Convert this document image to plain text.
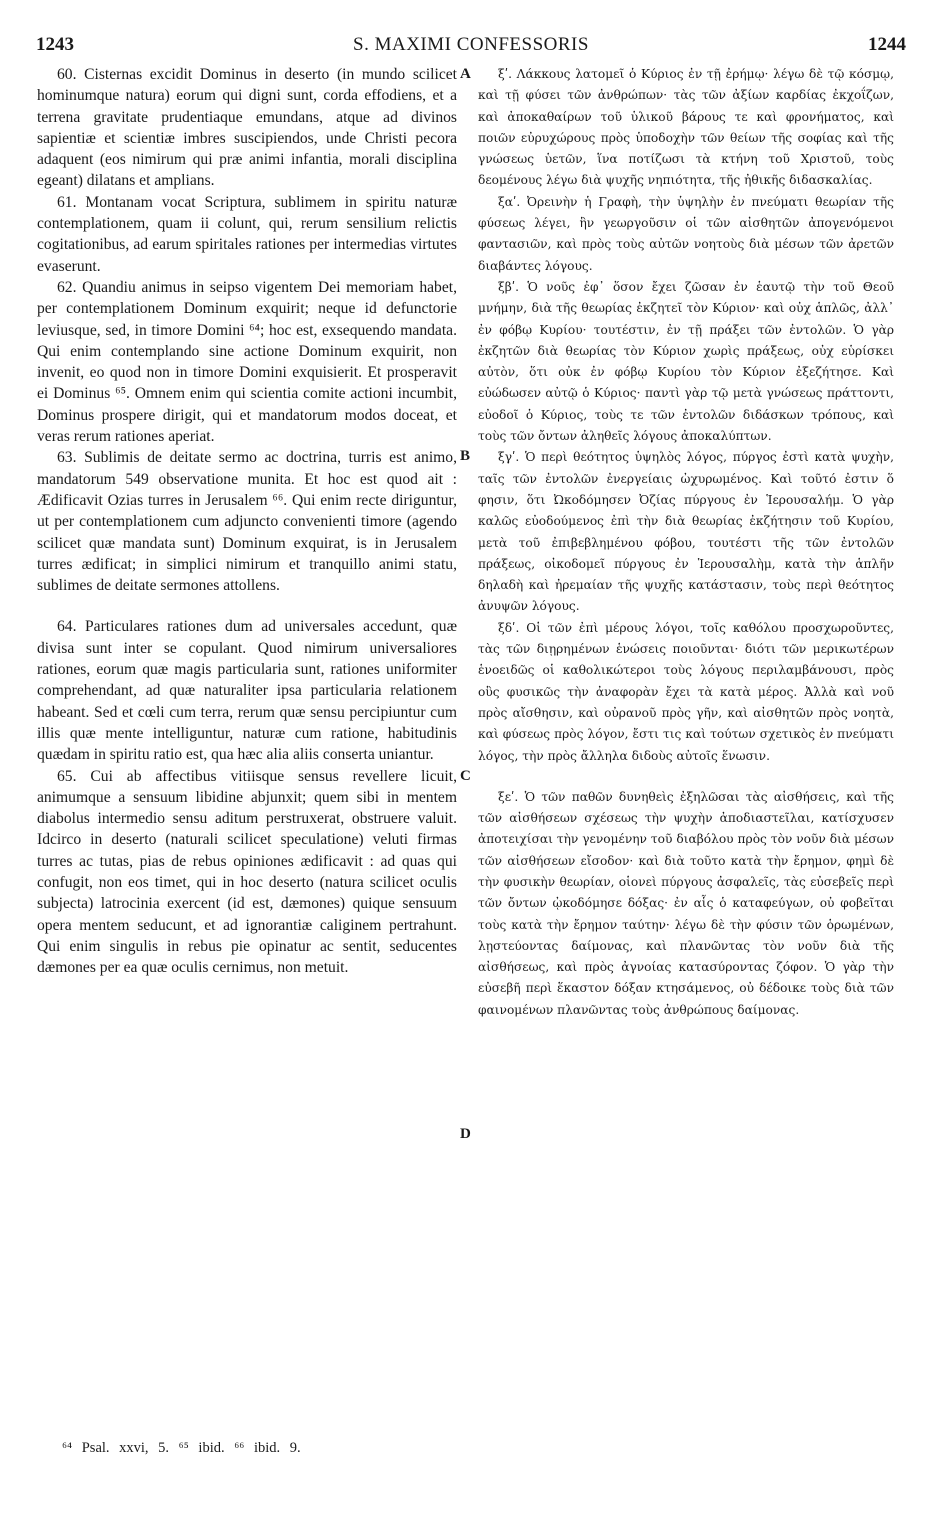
1243	S. MAXIMI CONFESSORIS	1244

60. Cisternas excidit Dominus in deserto (in mundo scilicet hominumque natura) eorum qui digni sunt, corda effodiens, et a terrena gravitate prudentiaque emundans, atque ad divinos sapientiæ et scientiæ imbres suscipiendos, unde Christi pecora adaquent (eos nimirum qui præ animi infantia, morali disciplina egeant) dilatans et amplians.

61. Montanam vocat Scriptura, sublimem in spiritu naturæ contemplationem, quam ii colunt, qui, rerum sensilium relictis cogitationibus, ad earum spiritales rationes per intermedias virtutes evaserunt.

62. Quandiu animus in seipso vigentem Dei memoriam habet, per contemplationem Dominum exquirit; neque id defunctorie leviusque, sed, in timore Domini ⁶⁴; hoc est, exsequendo mandata. Qui enim contemplando sine actione Dominum exquirit, non invenit, eo quod non in timore Domini exquisierit. Et prosperavit ei Dominus ⁶⁵. Omnem enim qui scientia comite actioni incumbit, Dominus prospere dirigit, qui et mandatorum modos doceat, et veras rerum rationes aperiat.

63. Sublimis de deitate sermo ac doctrina, turris est animo, mandatorum 549 observatione munita. Et hoc est quod ait : Ædificavit Ozias turres in Jerusalem ⁶⁶. Qui enim recte diriguntur, ut per contemplationem cum adjuncto convenienti timore (agendo scilicet quæ mandata sunt) Dominum exquirat, is in Jerusalem turres ædificat; in simplici nimirum et tranquillo animi statu, sublimes de deitate sermones attollens.

64. Particulares rationes dum ad universales accedunt, quæ divisa sunt inter se copulant. Quod nimirum universaliores rationes, eorum quæ magis particularia sunt, rationes uniformiter comprehendant, ad quæ naturaliter ipsa particularia relationem habeant. Sed et cœli cum terra, rerum quæ sensu percipiuntur cum illis quæ mente intelliguntur, naturæ cum ratione, habitudinis quædam in spiritu ratio est, qua hæc alia aliis conserta uniantur.

65. Cui ab affectibus vitiisque sensus revellere licuit, animumque a sensuum libidine abjunxit; quem sibi in mentem diabolus intermedio sensu aditum perstruxerat, obstruere valuit. Idcirco in deserto (naturali scilicet speculatione) veluti firmas turres ac tutas, pias de rebus opiniones ædificavit : ad quas qui confugit, non eos timet, qui in hoc deserto (natura scilicet oculis subjecta) latrocinia exercent (id est, dæmones) quique sensuum opera mentem seducunt, et ad ignorantiæ caliginem pertrahunt. Qui enim singulis in rebus pie opinatur ac sentit, seducentes dæmones per ea quæ oculis cernimus, non metuit.

A
B
C
D

ξʹ. Λάκκους λατομεῖ ὁ Κύριος ἐν τῇ ἐρήμῳ· λέγω δὲ τῷ κόσμῳ, καὶ τῇ φύσει τῶν ἀνθρώπων· τὰς τῶν ἀξίων καρδίας ἐκχοΐζων, καὶ ἀποκαθαίρων τοῦ ὑλικοῦ βάρους τε καὶ φρονήματος, καὶ ποιῶν εὐρυχώρους πρὸς ὑποδοχὴν τῶν θείων τῆς σοφίας καὶ τῆς γνώσεως ὑετῶν, ἵνα ποτίζωσι τὰ κτήνη τοῦ Χριστοῦ, τοὺς δεομένους λέγω διὰ ψυχῆς νηπιότητα, τῆς ἠθικῆς διδασκαλίας.

ξαʹ. Ὀρεινὴν ἡ Γραφὴ, τὴν ὑψηλὴν ἐν πνεύματι θεωρίαν τῆς φύσεως λέγει, ἣν γεωργοῦσιν οἱ τῶν αἰσθητῶν ἀπογενόμενοι φαντασιῶν, καὶ πρὸς τοὺς αὐτῶν νοητοὺς διὰ μέσων τῶν ἀρετῶν διαβάντες λόγους.

ξβʹ. Ὁ νοῦς ἐφ᾿ ὅσον ἔχει ζῶσαν ἐν ἑαυτῷ τὴν τοῦ Θεοῦ μνήμην, διὰ τῆς θεωρίας ἐκζητεῖ τὸν Κύριον· καὶ οὐχ ἁπλῶς, ἀλλ᾿ ἐν φόβῳ Κυρίου· τουτέστιν, ἐν τῇ πράξει τῶν ἐντολῶν. Ὁ γὰρ ἐκζητῶν διὰ θεωρίας τὸν Κύριον χωρὶς πράξεως, οὐχ εὑρίσκει αὐτὸν, ὅτι οὐκ ἐν φόβῳ Κυρίου τὸν Κύριον ἐξεζήτησε. Καὶ εὐώδωσεν αὐτῷ ὁ Κύριος· παντὶ γὰρ τῷ μετὰ γνώσεως πράττοντι, εὐοδοῖ ὁ Κύριος, τοὺς τε τῶν ἐντολῶν διδάσκων τρόπους, καὶ τοὺς τῶν ὄντων ἀληθεῖς λόγους ἀποκαλύπτων.

ξγʹ. Ὁ περὶ θεότητος ὑψηλὸς λόγος, πύργος ἐστὶ κατὰ ψυχὴν, ταῖς τῶν ἐντολῶν ἐνεργείαις ὠχυρωμένος. Καὶ τοῦτό ἐστιν ὅ φησιν, ὅτι Ὠκοδόμησεν Ὀζίας πύργους ἐν Ἱερουσαλήμ. Ὁ γὰρ καλῶς εὐοδούμενος ἐπὶ τὴν διὰ θεωρίας ἐκζήτησιν τοῦ Κυρίου, μετὰ τοῦ ἐπιβεβλημένου φόβου, τουτέστι τῆς τῶν ἐντολῶν πράξεως, οἰκοδομεῖ πύργους ἐν Ἱερουσαλὴμ, κατὰ τὴν ἁπλῆν δηλαδὴ καὶ ἠρεμαίαν τῆς ψυχῆς κατάστασιν, τοὺς περὶ θεότητος ἀνυψῶν λόγους.

ξδʹ. Οἱ τῶν ἐπὶ μέρους λόγοι, τοῖς καθόλου προσχωροῦντες, τὰς τῶν διῃρημένων ἑνώσεις ποιοῦνται· διότι τῶν μερικωτέρων ἑνοειδῶς οἱ καθολικώτεροι τοὺς λόγους περιλαμβάνουσι, πρὸς οὓς φυσικῶς τὴν ἀναφορὰν ἔχει τὰ κατὰ μέρος. Ἀλλὰ καὶ νοῦ πρὸς αἴσθησιν, καὶ οὐρανοῦ πρὸς γῆν, καὶ αἰσθητῶν πρὸς νοητὰ, καὶ φύσεως πρὸς λόγον, ἔστι τις καὶ τούτων σχετικὸς ἐν πνεύματι λόγος, τὴν πρὸς ἄλληλα διδοὺς αὐτοῖς ἕνωσιν.

ξεʹ. Ὁ τῶν παθῶν δυνηθεὶς ἐξηλῶσαι τὰς αἰσθήσεις, καὶ τῆς τῶν αἰσθήσεων σχέσεως τὴν ψυχὴν ἀποδιαστεῖλαι, κατίσχυσεν ἀποτειχίσαι τὴν γενομένην τοῦ διαβόλου πρὸς τὸν νοῦν διὰ μέσων τῶν αἰσθήσεων εἴσοδον· καὶ διὰ τοῦτο κατὰ τὴν ἔρημον, φημὶ δὲ τὴν φυσικὴν θεωρίαν, οἱονεὶ πύργους ἀσφαλεῖς, τὰς εὐσεβεῖς περὶ τῶν ὄντων ᾠκοδόμησε δόξας· ἐν αἷς ὁ καταφεύγων, οὐ φοβεῖται τοὺς κατὰ τὴν ἔρημον ταύτην· λέγω δὲ τὴν φύσιν τῶν ὁρωμένων, λῃστεύοντας δαίμονας, καὶ πλανῶντας τὸν νοῦν διὰ τῆς αἰσθήσεως, καὶ πρὸς ἀγνοίας κατασύροντας ζόφον. Ὁ γὰρ τὴν εὐσεβῆ περὶ ἕκαστον δόξαν κτησάμενος, οὐ δέδοικε τοὺς διὰ τῶν φαινομένων πλανῶντας τοὺς ἀνθρώπους δαίμονας.

⁶⁴ Psal. xxvi, 5. ⁶⁵ ibid. ⁶⁶ ibid. 9.
